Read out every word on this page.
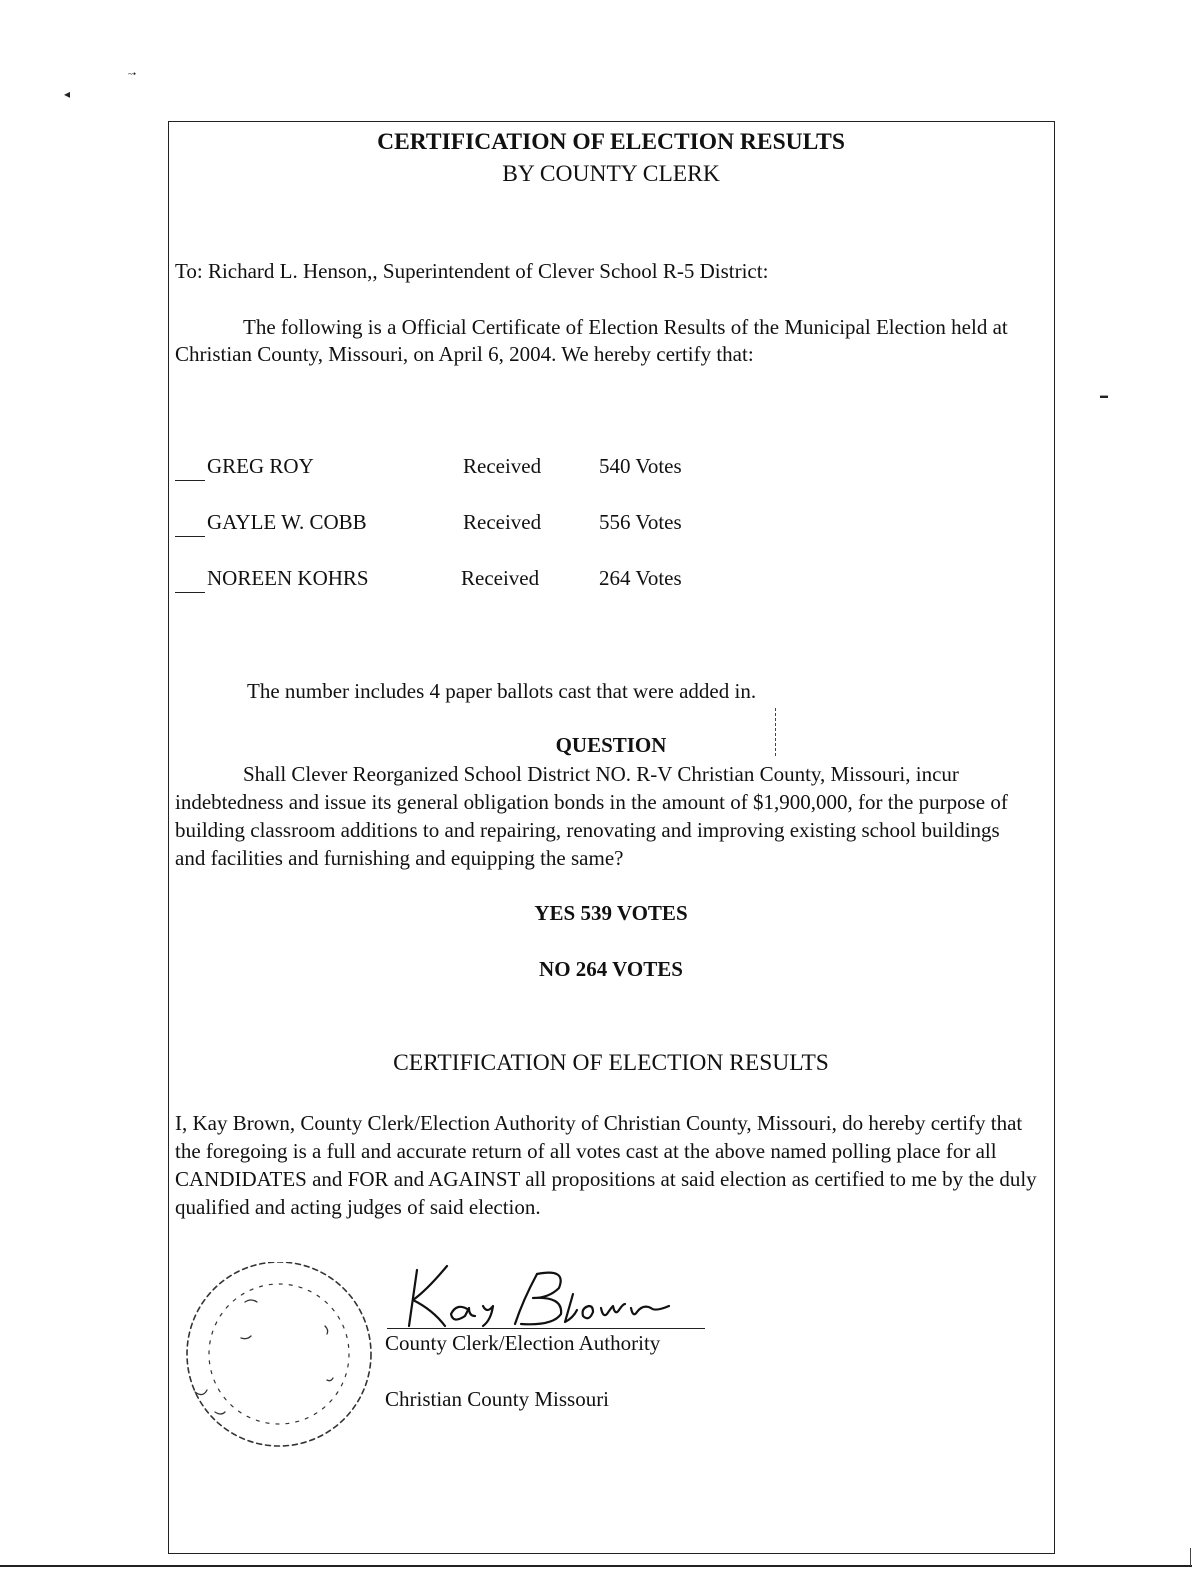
◂
~•
▬
CERTIFICATION OF ELECTION RESULTS
BY COUNTY CLERK
To: Richard L. Henson,, Superintendent of Clever School R-5 District:
The following is a Official Certificate of Election Results of the Municipal Election held at Christian County, Missouri, on April 6, 2004. We hereby certify that:
GREG ROY	Received	540 Votes
GAYLE W. COBB	Received	556 Votes
NOREEN KOHRS	Received	264 Votes
The number includes 4 paper ballots cast that were added in.
QUESTION
Shall Clever Reorganized School District NO. R-V Christian County, Missouri, incur indebtedness and issue its general obligation bonds in the amount of $1,900,000, for the purpose of building classroom additions to and repairing, renovating and improving existing school buildings and facilities and furnishing and equipping the same?
YES 539 VOTES
NO 264 VOTES
CERTIFICATION OF ELECTION RESULTS
I, Kay Brown, County Clerk/Election Authority of Christian County, Missouri, do hereby certify that the foregoing is a full and accurate return of all votes cast at the above named polling place for all CANDIDATES and FOR and AGAINST all propositions at said election as certified to me by the duly qualified and acting judges of said election.
County Clerk/Election Authority
Christian County Missouri
